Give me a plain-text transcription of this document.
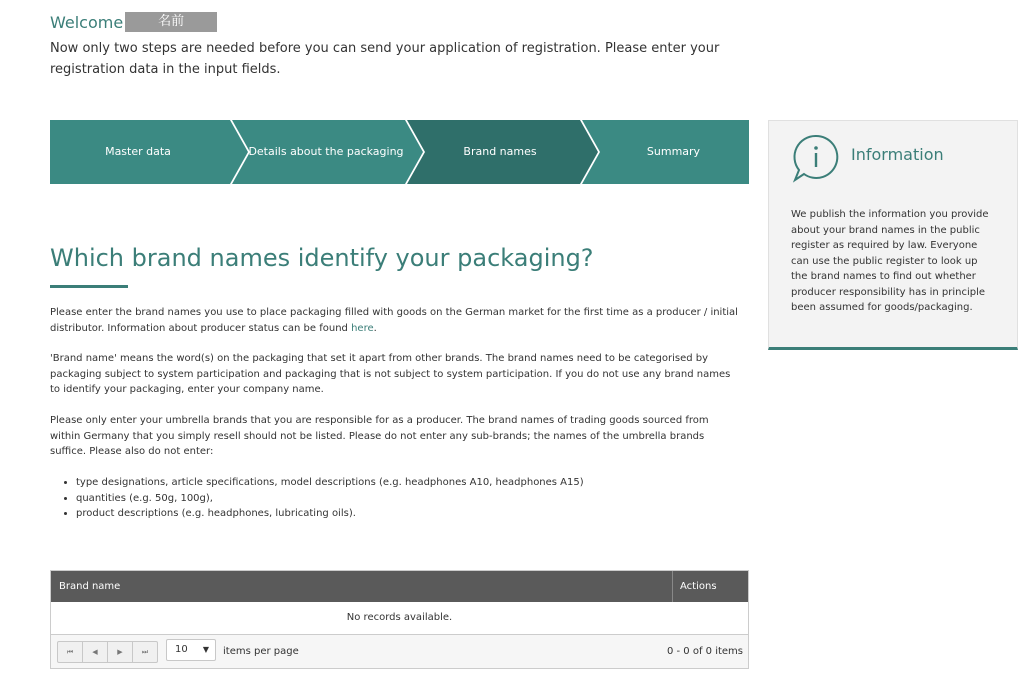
Welcome	名前
Now only two steps are needed before you can send your application of registration. Please enter your registration data in the input fields.
Master data	Details about the packaging	Brand names	Summary	Information
We publish the information you provide about your brand names in the public register as required by law. Everyone can use the public register to look up the brand names to find out whether producer responsibility has in principle been assumed for goods/packaging.
Which brand names identify your packaging?
Please enter the brand names you use to place packaging filled with goods on the German market for the first time as a producer / initial distributor. Information about producer status can be found here.
'Brand name' means the word(s) on the packaging that set it apart from other brands. The brand names need to be categorised by packaging subject to system participation and packaging that is not subject to system participation. If you do not use any brand names to identify your packaging, enter your company name.
Please only enter your umbrella brands that you are responsible for as a producer. The brand names of trading goods sourced from within Germany that you simply resell should not be listed. Please do not enter any sub-brands; the names of the umbrella brands suffice. Please also do not enter:
• type designations, article specifications, model descriptions (e.g. headphones A10, headphones A15)
• quantities (e.g. 50g, 100g),
• product descriptions (e.g. headphones, lubricating oils).
Brand name	Actions
No records available.
⏮	◀	▶	⏭	10 ▼ items per page	0 - 0 of 0 items
